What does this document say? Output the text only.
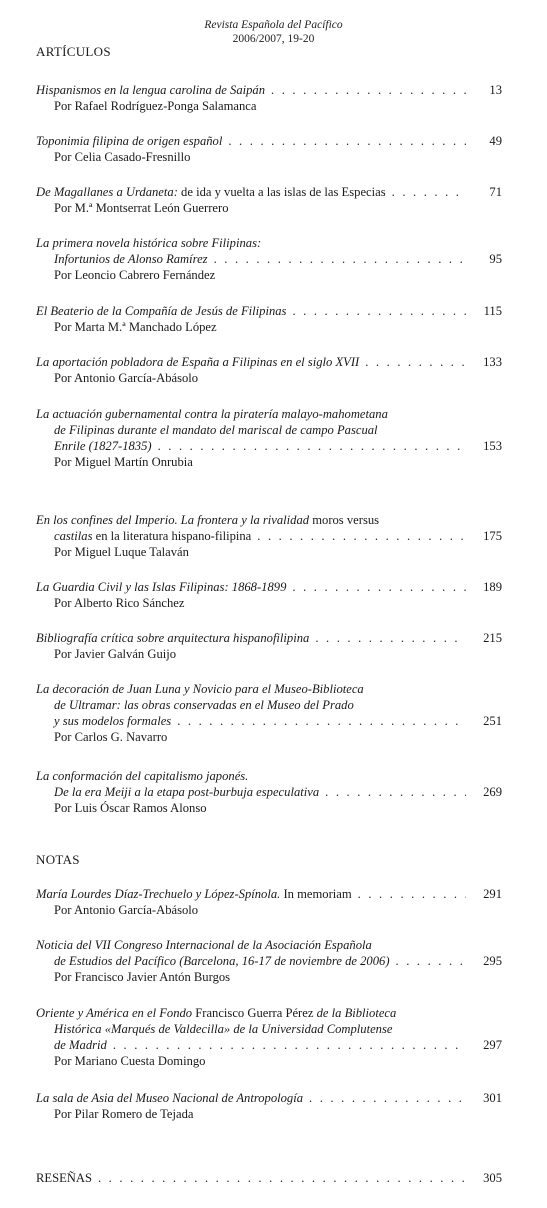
Revista Española del Pacífico
2006/2007, 19-20
ARTÍCULOS
NOTAS
Hispanismos en la lengua carolina de Saipán . . .	13
Por Rafael Rodríguez-Ponga Salamanca
Toponimia filipina de origen español . . .	49
Por Celia Casado-Fresnillo
De Magallanes a Urdaneta: de ida y vuelta a las islas de las Especias . . .	71
Por M.ª Montserrat León Guerrero
La primera novela histórica sobre Filipinas:
Infortunios de Alonso Ramírez . . .	95
Por Leoncio Cabrero Fernández
El Beaterio de la Compañía de Jesús de Filipinas . . .	115
Por Marta M.ª Manchado López
La aportación pobladora de España a Filipinas en el siglo XVII . . .	133
Por Antonio García-Abásolo
La actuación gubernamental contra la piratería malayo-mahometana
de Filipinas durante el mandato del mariscal de campo Pascual
Enrile (1827-1835) . . .	153
Por Miguel Martín Onrubia
En los confines del Imperio. La frontera y la rivalidad moros versus
castilas en la literatura hispano-filipina . . .	175
Por Miguel Luque Talaván
La Guardia Civil y las Islas Filipinas: 1868-1899 . . .	189
Por Alberto Rico Sánchez
Bibliografía crítica sobre arquitectura hispanofilipina . . .	215
Por Javier Galván Guijo
La decoración de Juan Luna y Novicio para el Museo-Biblioteca
de Ultramar: las obras conservadas en el Museo del Prado
y sus modelos formales . . .	251
Por Carlos G. Navarro
La conformación del capitalismo japonés.
De la era Meiji a la etapa post-burbuja especulativa . . .	269
Por Luis Óscar Ramos Alonso
María Lourdes Díaz-Trechuelo y López-Spínola. In memoriam . . .	291
Por Antonio García-Abásolo
Noticia del VII Congreso Internacional de la Asociación Española
de Estudios del Pacífico (Barcelona, 16-17 de noviembre de 2006) . . .	295
Por Francisco Javier Antón Burgos
Oriente y América en el Fondo Francisco Guerra Pérez de la Biblioteca
Histórica «Marqués de Valdecilla» de la Universidad Complutense
de Madrid . . .	297
Por Mariano Cuesta Domingo
La sala de Asia del Museo Nacional de Antropología . . .	301
Por Pilar Romero de Tejada
RESEÑAS . . .	305
